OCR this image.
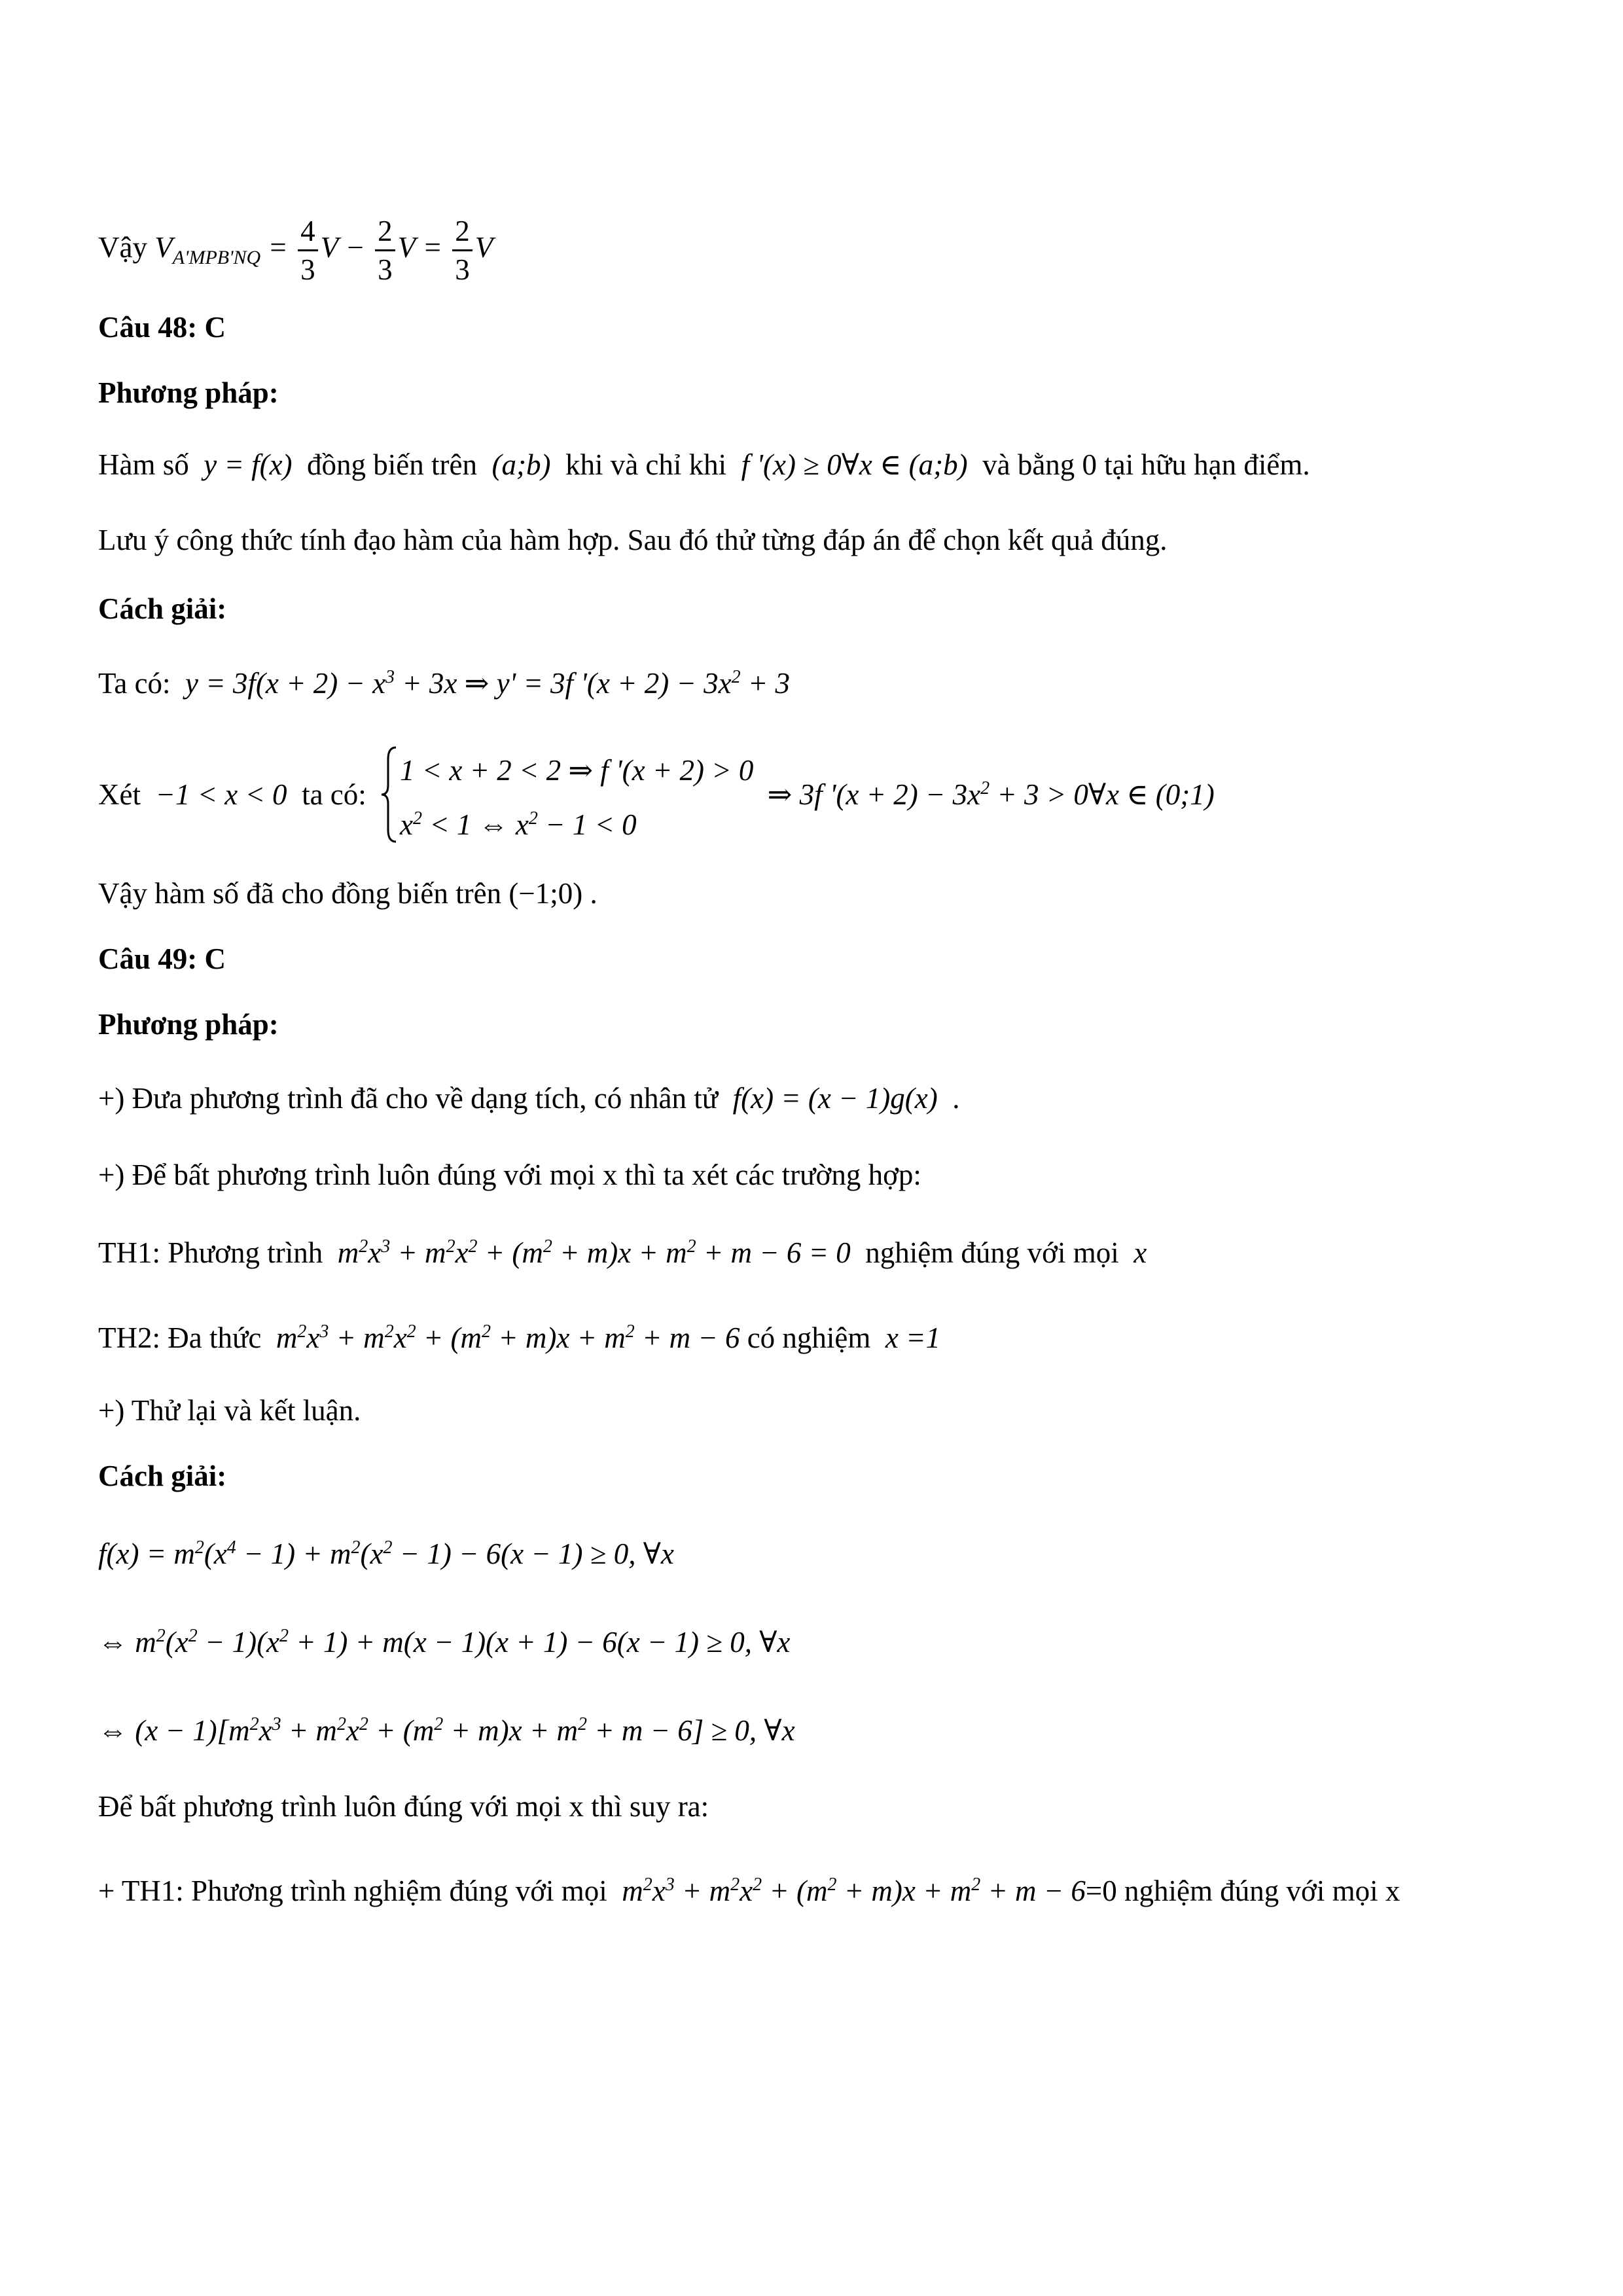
Vậy $V_{A'MPB'NQ} = \frac{4}{3}$ $V - \frac{2}{3}$ $V = \frac{2}{3}$ V
Câu 48: C
Phương pháp:
Hàm số  y = f(x)  đồng biến trên  (a;b)  khi và chỉ khi  f '(x) ≥ 0∀x ∈ (a;b)  và bằng 0 tại hữu hạn điểm.
Lưu ý công thức tính đạo hàm của hàm hợp. Sau đó thử từng đáp án để chọn kết quả đúng.
Cách giải:
Ta có:  $y = 3f(x + 2) - x^3 + 3x$ ⇒ y' = 3f '$(x + 2) - 3x^2 + 3$
Xét  −1 < x < 0  ta có:
1 < x + 2 < 2 ⇒ f '(x + 2) > 0
$x^2 < 1$ ⇔ $x^2 - 1 < 0$
⇒ 3f '$(x + 2) - 3x^2 + 3$ > 0∀x ∈ (0;1)
Vậy hàm số đã cho đồng biến trên (−1;0) .
Câu 49: C
Phương pháp:
+) Đưa phương trình đã cho về dạng tích, có nhân tử  f(x) = (x − 1)g(x)  .
+) Để bất phương trình luôn đúng với mọi x thì ta xét các trường hợp:
TH1: Phương trình  $m^2x^3 + m^2x^2 + (m^2 + m)x + m^2 + m - 6 = 0$  nghiệm đúng với mọi  x
TH2: Đa thức  $m^2x^3 + m^2x^2 + (m^2 + m)x + m^2 + m - 6$ có nghiệm  x =1
+) Thử lại và kết luận.
Cách giải:
$f(x) = m^2(x^4 - 1) + m^2(x^2 - 1) - 6(x - 1) \ge 0$, ∀x
⇔ $m^2(x^2 - 1)(x^2 + 1) + m(x - 1)(x + 1) - 6(x - 1) \ge 0$, ∀x
⇔ $(x - 1)[m^2x^3 + m^2x^2 + (m^2 + m)x + m^2 + m - 6] \ge 0$, ∀x
Để bất phương trình luôn đúng với mọi x thì suy ra:
+ TH1: Phương trình nghiệm đúng với mọi  $m^2x^3 + m^2x^2 + (m^2 + m)x + m^2 + m - 6=0$ nghiệm đúng với mọi x
